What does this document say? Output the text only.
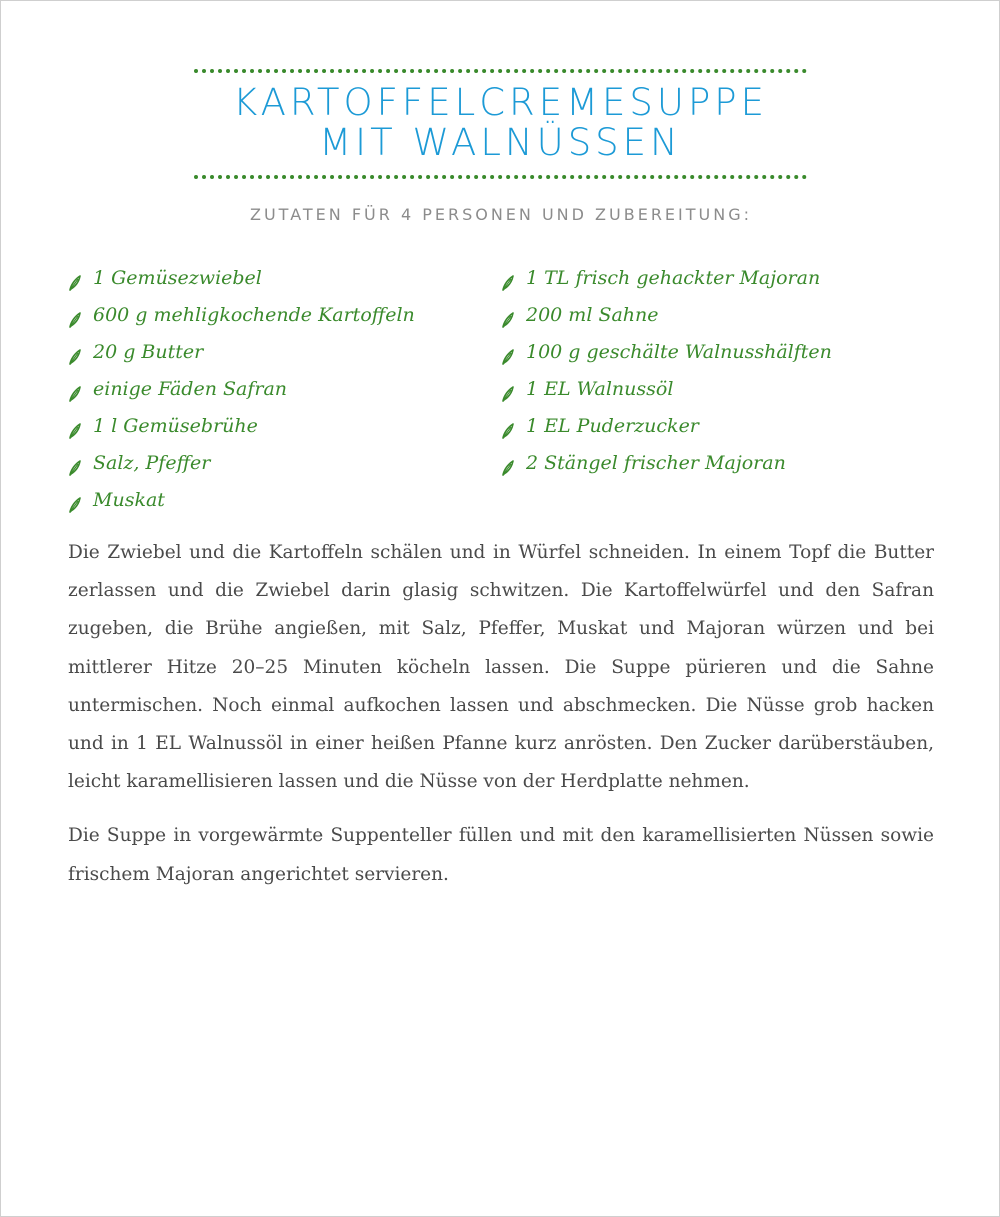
KARTOFFELCREMESUPPE
MIT WALNÜSSEN
ZUTATEN FÜR 4 PERSONEN UND ZUBEREITUNG:
1 Gemüsezwiebel
600 g mehligkochende Kartoffeln
20 g Butter
einige Fäden Safran
1 l Gemüsebrühe
Salz, Pfeffer
Muskat
1 TL frisch gehackter Majoran
200 ml Sahne
100 g geschälte Walnusshälften
1 EL Walnussöl
1 EL Puderzucker
2 Stängel frischer Majoran

Die Zwiebel und die Kartoffeln schälen und in Würfel schneiden. In einem Topf die Butter zerlassen und die Zwiebel darin glasig schwitzen. Die Kartoffelwürfel und den Safran zugeben, die Brühe angießen, mit Salz, Pfeffer, Muskat und Majoran würzen und bei mittlerer Hitze 20–25 Minuten köcheln lassen. Die Suppe pürieren und die Sahne untermischen. Noch einmal aufkochen lassen und abschmecken. Die Nüsse grob hacken und in 1 EL Walnussöl in einer heißen Pfanne kurz anrösten. Den Zucker darüberstäuben, leicht karamellisieren lassen und die Nüsse von der Herdplatte nehmen.

Die Suppe in vorgewärmte Suppenteller füllen und mit den karamellisierten Nüssen sowie frischem Majoran angerichtet servieren.
